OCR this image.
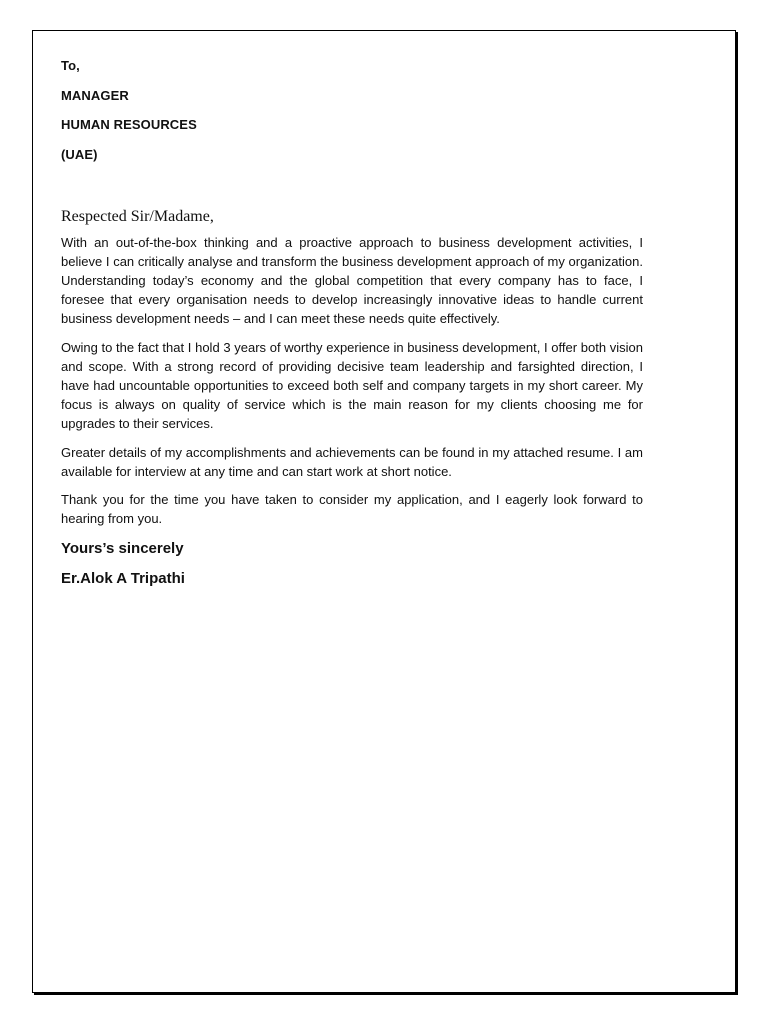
To,
MANAGER
HUMAN RESOURCES
(UAE)
Respected Sir/Madame,

With an out-of-the-box thinking and a proactive approach to business development activities, I believe I can critically analyse and transform the business development approach of my organization. Understanding today’s economy and the global competition that every company has to face, I foresee that every organisation needs to develop increasingly innovative ideas to handle current business development needs – and I can meet these needs quite effectively.

Owing to the fact that I hold 3 years of worthy experience in business development, I offer both vision and scope. With a strong record of providing decisive team leadership and farsighted direction, I have had uncountable opportunities to exceed both self and company targets in my short career. My focus is always on quality of service which is the main reason for my clients choosing me for upgrades to their services.

Greater details of my accomplishments and achievements can be found in my attached resume. I am available for interview at any time and can start work at short notice.

Thank you for the time you have taken to consider my application, and I eagerly look forward to hearing from you.

Yours’s sincerely
Er.Alok A Tripathi
